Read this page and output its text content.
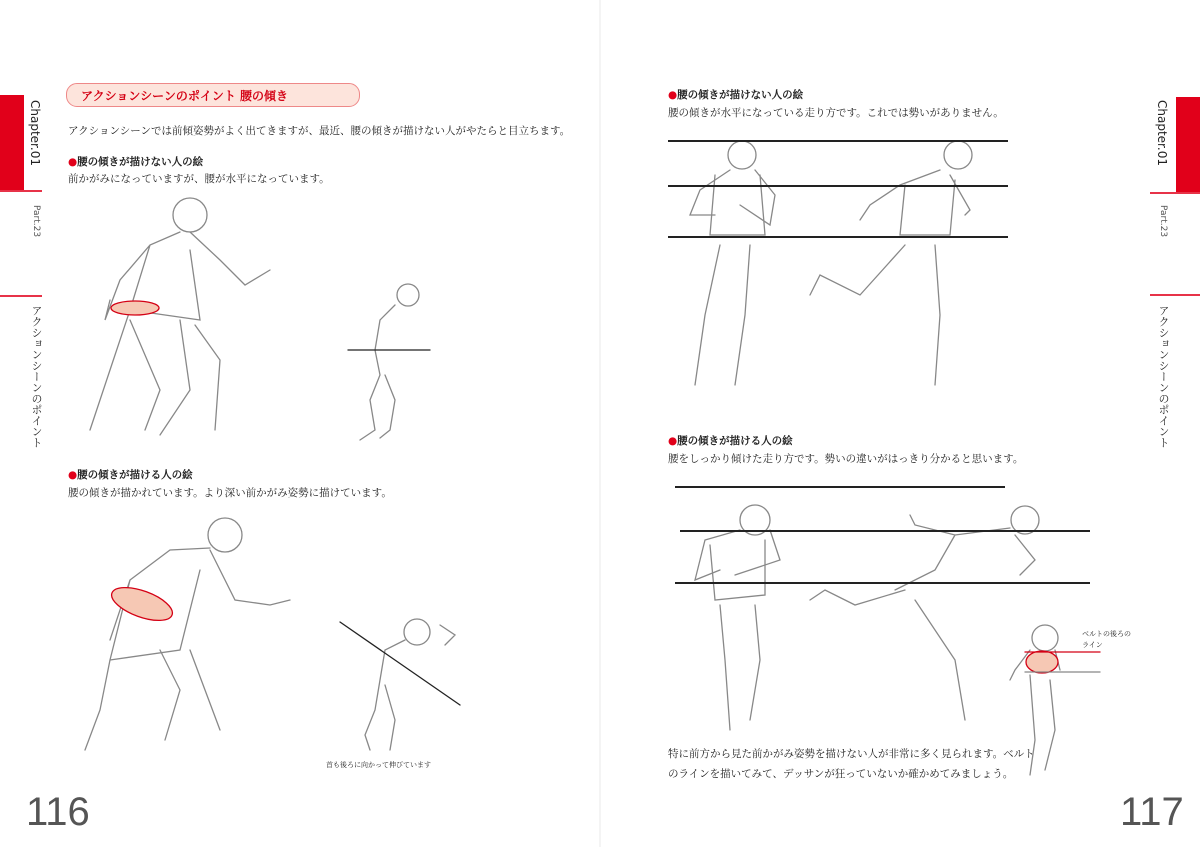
Chapter.01
Part.23
アクションシーンのポイント
Chapter.01
Part.23
アクションシーンのポイント
アクションシーンのポイント 腰の傾き
アクションシーンでは前傾姿勢がよく出てきますが、最近、腰の傾きが描けない人がやたらと目立ちます。
● 腰の傾きが描けない人の絵
前かがみになっていますが、腰が水平になっています。
● 腰の傾きが描ける人の絵
腰の傾きが描かれています。より深い前かがみ姿勢に描けています。
首も後ろに向かって伸びています
116
● 腰の傾きが描けない人の絵
腰の傾きが水平になっている走り方です。これでは勢いがありません。
● 腰の傾きが描ける人の絵
腰をしっかり傾けた走り方です。勢いの違いがはっきり分かると思います。
特に前方から見た前かがみ姿勢を描けない人が非常に多く見られます。ベルト
のラインを描いてみて、デッサンが狂っていないか確かめてみましょう。
ベルトの後ろの
ライン
117
